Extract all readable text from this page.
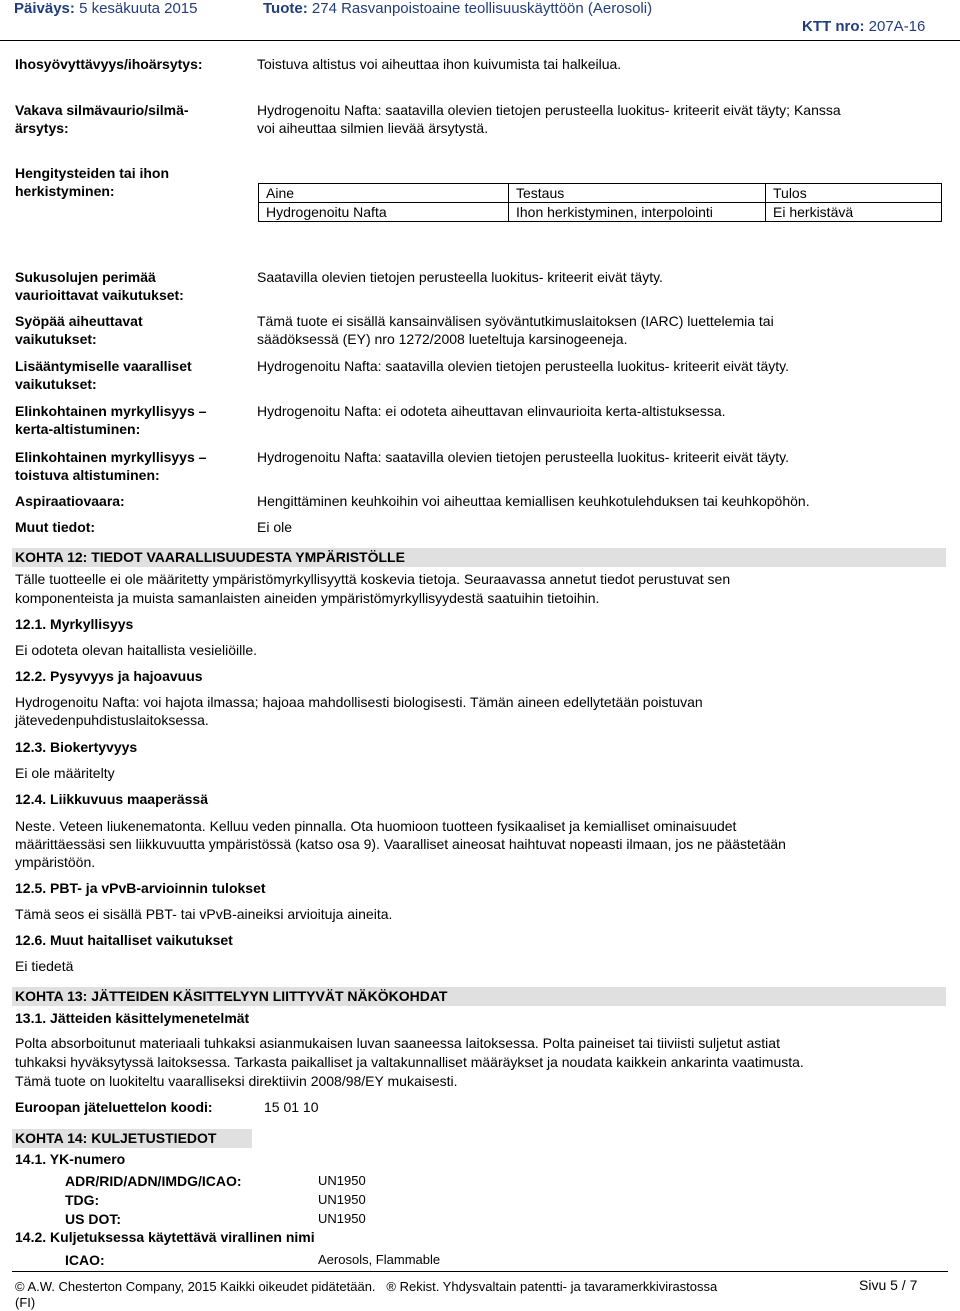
Päiväys: 5 kesäkuuta 2015	Tuote: 274 Rasvanpoistoaine teollisuuskäyttöön (Aerosoli)
KTT nro: 207A-16
Ihosyövyttävyys/ihoärsytys:	Toistuva altistus voi aiheuttaa ihon kuivumista tai halkeilua.
Vakava silmävaurio/silmä-
ärsytys:
Hydrogenoitu Nafta: saatavilla olevien tietojen perusteella luokitus- kriteerit eivät täyty; Kanssa
voi aiheuttaa silmien lievää ärsytystä.
Hengitysteiden tai ihon
herkistyminen:	Aine	Testaus	Tulos
Hydrogenoitu Nafta	Ihon herkistyminen, interpolointi	Ei herkistävä
Sukusolujen perimää
vaurioittavat vaikutukset:
Saatavilla olevien tietojen perusteella luokitus- kriteerit eivät täyty.
Syöpää aiheuttavat
vaikutukset:
Tämä tuote ei sisällä kansainvälisen syöväntutkimuslaitoksen (IARC) luettelemia tai
säädöksessä (EY) nro 1272/2008 lueteltuja karsinogeeneja.
Lisääntymiselle vaaralliset
vaikutukset:
Hydrogenoitu Nafta: saatavilla olevien tietojen perusteella luokitus- kriteerit eivät täyty.
Elinkohtainen myrkyllisyys –
kerta-altistuminen:
Hydrogenoitu Nafta: ei odoteta aiheuttavan elinvaurioita kerta-altistuksessa.
Elinkohtainen myrkyllisyys –
toistuva altistuminen:
Hydrogenoitu Nafta: saatavilla olevien tietojen perusteella luokitus- kriteerit eivät täyty.
Aspiraatiovaara:	Hengittäminen keuhkoihin voi aiheuttaa kemiallisen keuhkotulehduksen tai keuhkopöhön.
Muut tiedot:	Ei ole
KOHTA 12: TIEDOT VAARALLISUUDESTA YMPÄRISTÖLLE
Tälle tuotteelle ei ole määritetty ympäristömyrkyllisyyttä koskevia tietoja. Seuraavassa annetut tiedot perustuvat sen
komponenteista ja muista samanlaisten aineiden ympäristömyrkyllisyydestä saatuihin tietoihin.
12.1. Myrkyllisyys
Ei odoteta olevan haitallista vesieliöille.
12.2. Pysyvyys ja hajoavuus
Hydrogenoitu Nafta: voi hajota ilmassa; hajoaa mahdollisesti biologisesti. Tämän aineen edellytetään poistuvan
jätevedenpuhdistuslaitoksessa.
12.3. Biokertyvyys
Ei ole määritelty
12.4. Liikkuvuus maaperässä
Neste. Veteen liukenematonta. Kelluu veden pinnalla. Ota huomioon tuotteen fysikaaliset ja kemialliset ominaisuudet
määrittäessäsi sen liikkuvuutta ympäristössä (katso osa 9). Vaaralliset aineosat haihtuvat nopeasti ilmaan, jos ne päästetään
ympäristöön.
12.5. PBT- ja vPvB-arvioinnin tulokset
Tämä seos ei sisällä PBT- tai vPvB-aineiksi arvioituja aineita.
12.6. Muut haitalliset vaikutukset
Ei tiedetä
KOHTA 13: JÄTTEIDEN KÄSITTELYYN LIITTYVÄT NÄKÖKOHDAT
13.1. Jätteiden käsittelymenetelmät
Polta absorboitunut materiaali tuhkaksi asianmukaisen luvan saaneessa laitoksessa. Polta paineiset tai tiiviisti suljetut astiat
tuhkaksi hyväksytyssä laitoksessa. Tarkasta paikalliset ja valtakunnalliset määräykset ja noudata kaikkein ankarinta vaatimusta.
Tämä tuote on luokiteltu vaaralliseksi direktiivin 2008/98/EY mukaisesti.
Euroopan jäteluettelon koodi:	15 01 10
KOHTA 14: KULJETUSTIEDOT
14.1. YK-numero
ADR/RID/ADN/IMDG/ICAO:	UN1950
TDG:	UN1950
US DOT:	UN1950
14.2. Kuljetuksessa käytettävä virallinen nimi
ICAO:	Aerosols, Flammable
© A.W. Chesterton Company, 2015 Kaikki oikeudet pidätetään.   ® Rekist. Yhdysvaltain patentti- ja tavaramerkkivirastossa	Sivu 5 / 7
(FI)
